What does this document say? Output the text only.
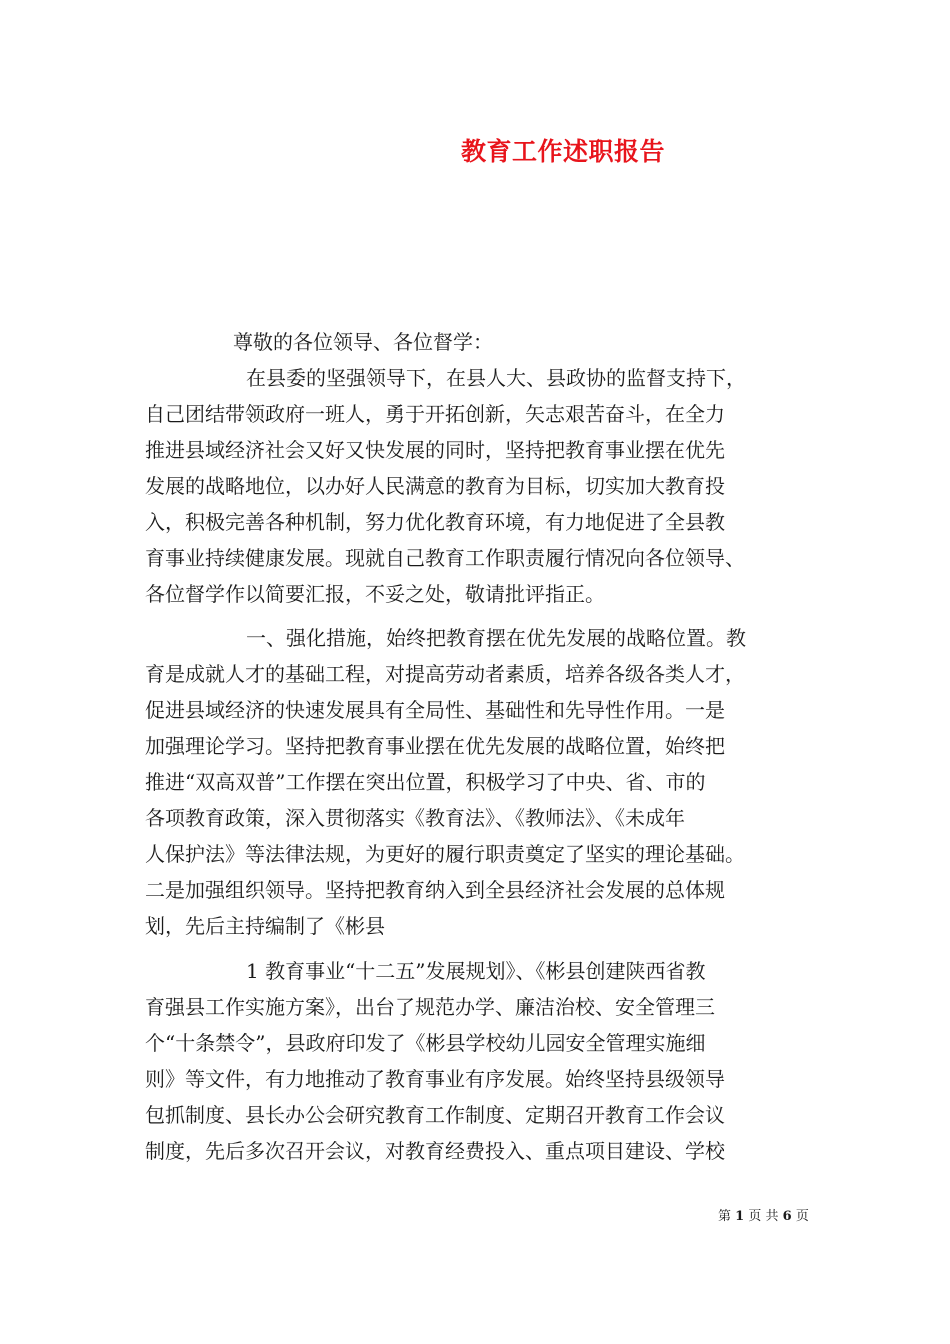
教育工作述职报告
尊敬的各位领导、各位督学：
在县委的坚强领导下，在县人大、县政协的监督支持下，
自己团结带领政府一班人，勇于开拓创新，矢志艰苦奋斗，在全力
推进县域经济社会又好又快发展的同时，坚持把教育事业摆在优先
发展的战略地位，以办好人民满意的教育为目标，切实加大教育投
入，积极完善各种机制，努力优化教育环境，有力地促进了全县教
育事业持续健康发展。现就自己教育工作职责履行情况向各位领导、
各位督学作以简要汇报，不妥之处，敬请批评指正。
一、强化措施，始终把教育摆在优先发展的战略位置。教
育是成就人才的基础工程，对提高劳动者素质，培养各级各类人才，
促进县域经济的快速发展具有全局性、基础性和先导性作用。一是
加强理论学习。坚持把教育事业摆在优先发展的战略位置，始终把
推进“双高双普”工作摆在突出位置，积极学习了中央、省、市的
各项教育政策，深入贯彻落实《教育法》、《教师法》、《未成年
人保护法》等法律法规，为更好的履行职责奠定了坚实的理论基础。
二是加强组织领导。坚持把教育纳入到全县经济社会发展的总体规
划，先后主持编制了《彬县
1 教育事业“十二五”发展规划》、《彬县创建陕西省教
育强县工作实施方案》，出台了规范办学、廉洁治校、安全管理三
个“十条禁令”，县政府印发了《彬县学校幼儿园安全管理实施细
则》等文件，有力地推动了教育事业有序发展。始终坚持县级领导
包抓制度、县长办公会研究教育工作制度、定期召开教育工作会议
制度，先后多次召开会议，对教育经费投入、重点项目建设、学校
第 1 页 共 6 页
